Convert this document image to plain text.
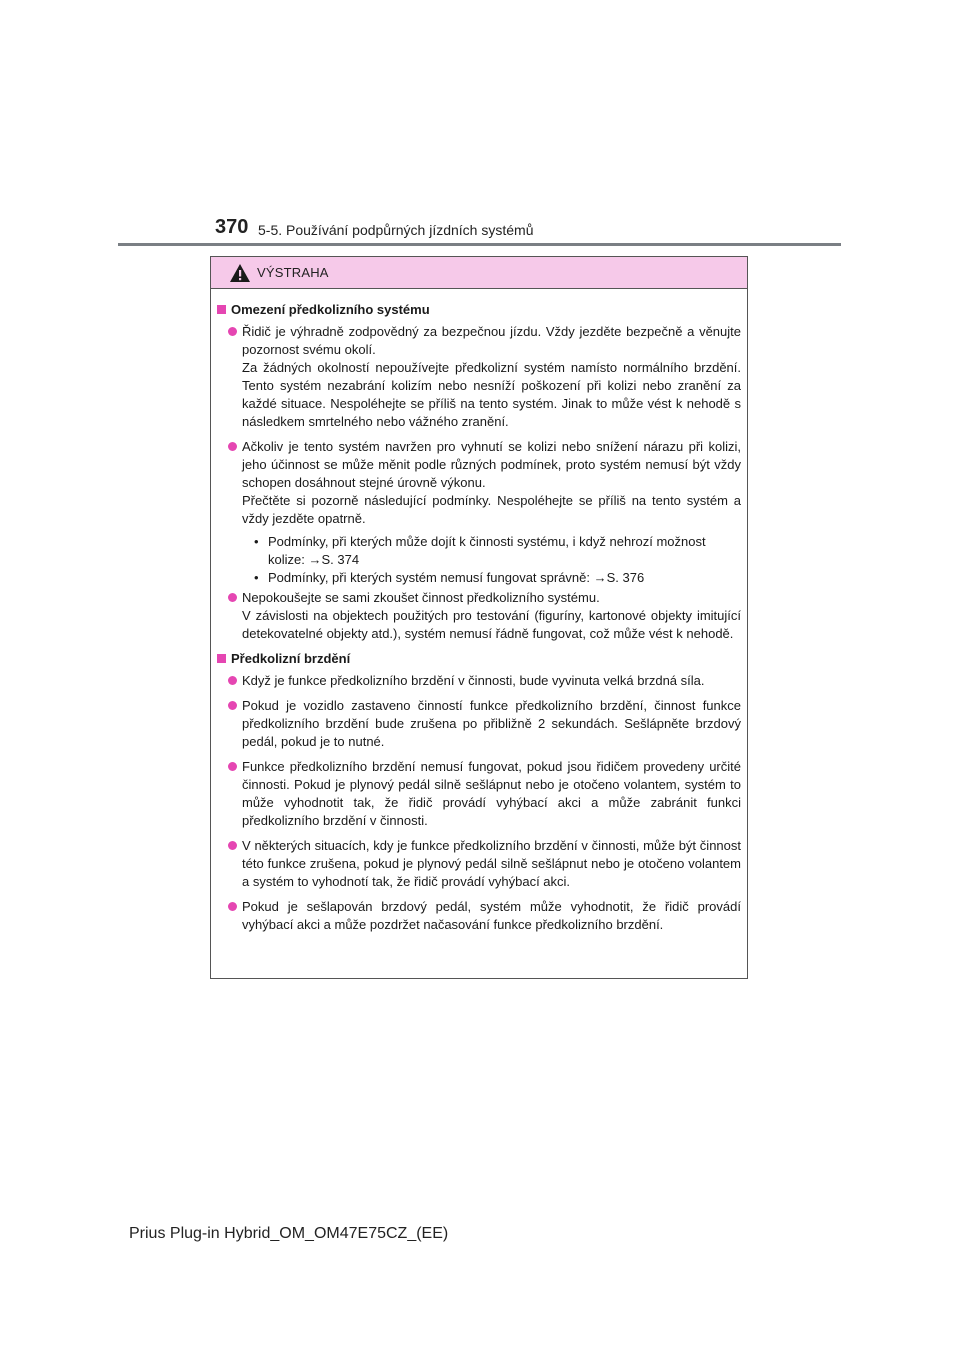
370 5-5. Používání podpůrných jízdních systémů
VÝSTRAHA
Omezení předkolizního systému

Řidič je výhradně zodpovědný za bezpečnou jízdu. Vždy jezděte bezpečně a věnujte pozornost svému okolí.

Za žádných okolností nepoužívejte předkolizní systém namísto normálního brzdění. Tento systém nezabrání kolizím nebo nesníží poškození při kolizi nebo zranění za každé situace. Nespoléhejte se příliš na tento systém. Jinak to může vést k nehodě s následkem smrtelného nebo vážného zranění.

Ačkoliv je tento systém navržen pro vyhnutí se kolizi nebo snížení nárazu při kolizi, jeho účinnost se může měnit podle různých podmínek, proto systém nemusí být vždy schopen dosáhnout stejné úrovně výkonu.

Přečtěte si pozorně následující podmínky. Nespoléhejte se příliš na tento systém a vždy jezděte opatrně.

• Podmínky, při kterých může dojít k činnosti systému, i když nehrozí možnost kolize: →S. 374
• Podmínky, při kterých systém nemusí fungovat správně: →S. 376

Nepokoušejte se sami zkoušet činnost předkolizního systému.

V závislosti na objektech použitých pro testování (figuríny, kartonové objekty imitující detekovatelné objekty atd.), systém nemusí řádně fungovat, což může vést k nehodě.

Předkolizní brzdění

Když je funkce předkolizního brzdění v činnosti, bude vyvinuta velká brzdná síla.

Pokud je vozidlo zastaveno činností funkce předkolizního brzdění, činnost funkce předkolizního brzdění bude zrušena po přibližně 2 sekundách. Sešlápněte brzdový pedál, pokud je to nutné.

Funkce předkolizního brzdění nemusí fungovat, pokud jsou řidičem provedeny určité činnosti. Pokud je plynový pedál silně sešlápnut nebo je otočeno volantem, systém to může vyhodnotit tak, že řidič provádí vyhýbací akci a může zabránit funkci předkolizního brzdění v činnosti.

V některých situacích, kdy je funkce předkolizního brzdění v činnosti, může být činnost této funkce zrušena, pokud je plynový pedál silně sešlápnut nebo je otočeno volantem a systém to vyhodnotí tak, že řidič provádí vyhýbací akci.

Pokud je sešlapován brzdový pedál, systém může vyhodnotit, že řidič provádí vyhýbací akci a může pozdržet načasování funkce předkolizního brzdění.

Prius Plug-in Hybrid_OM_OM47E75CZ_(EE)
